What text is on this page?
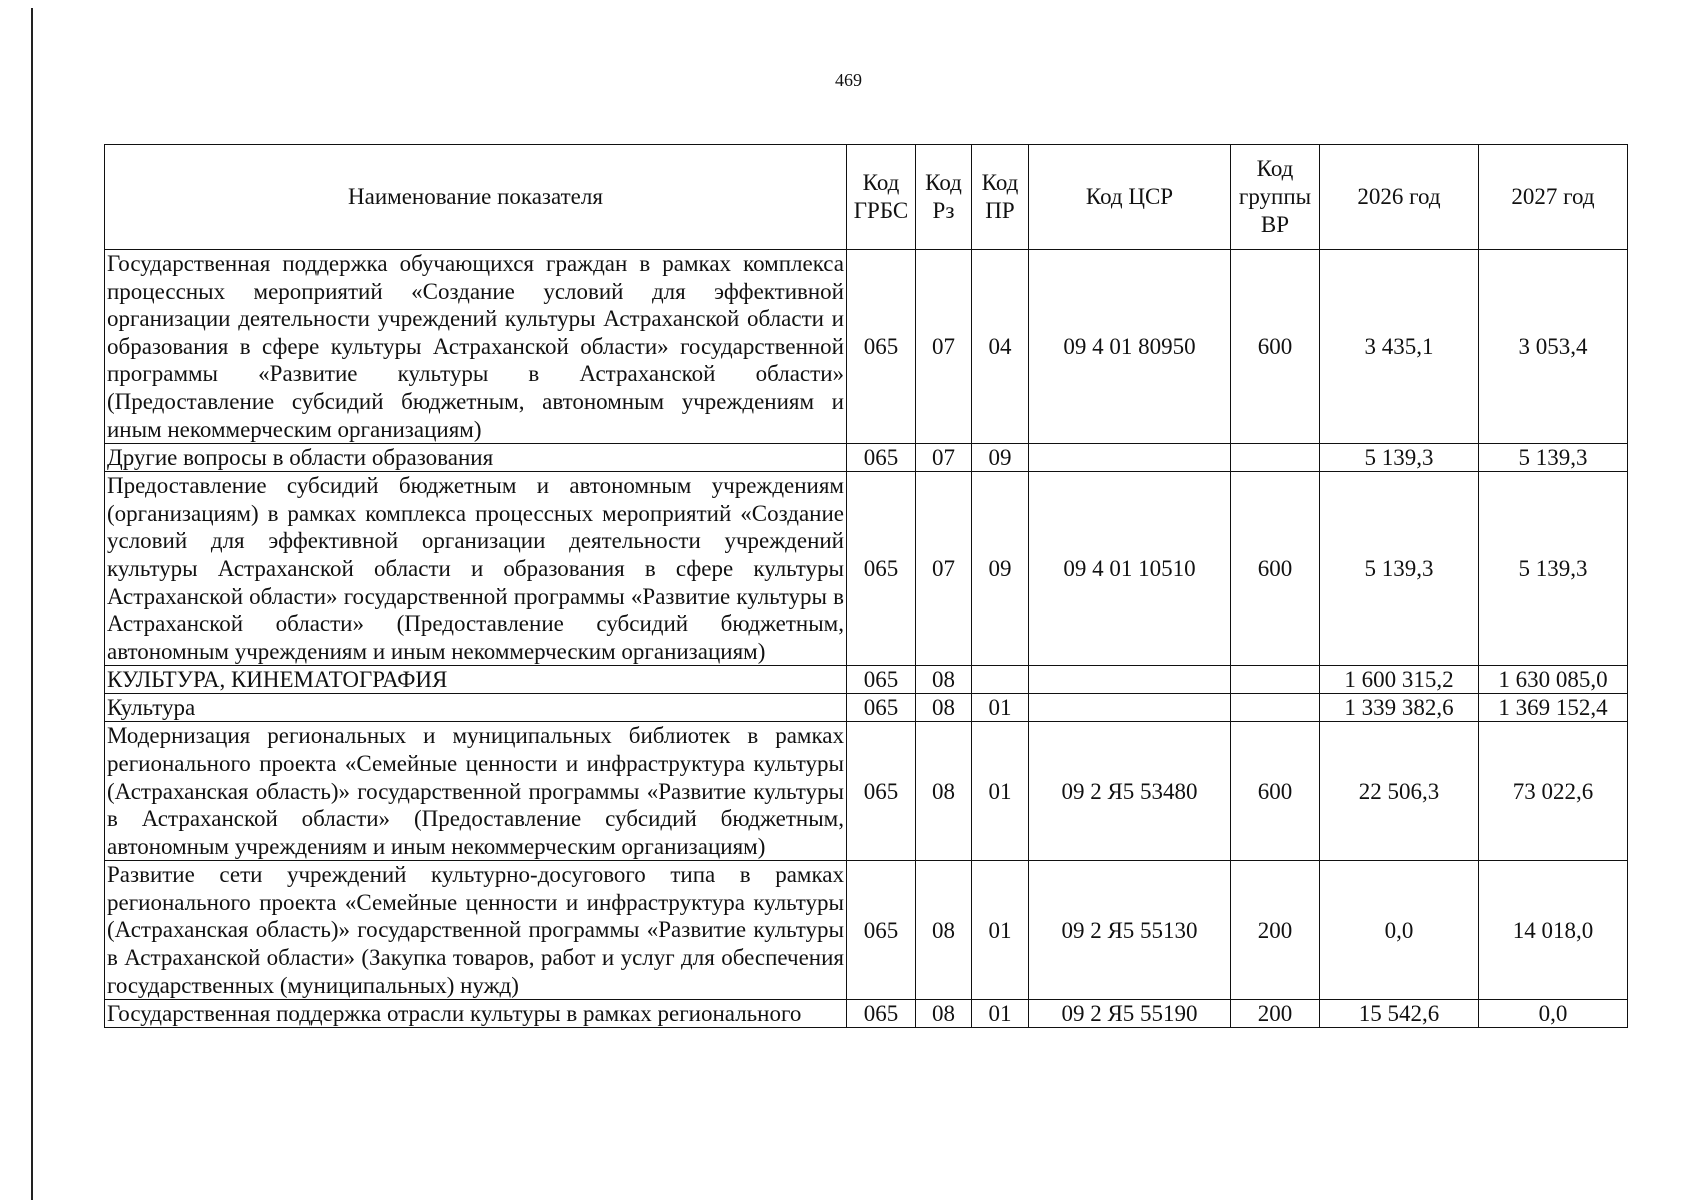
469
Наименование показателя	Код ГРБС	Код Рз	Код ПР	Код ЦСР	Код группы ВР	2026 год	2027 год
Государственная поддержка обучающихся граждан в рамках комплекса процессных мероприятий «Создание условий для эффективной организации деятельности учреждений культуры Астраханской области и образования в сфере культуры Астраханской области» государственной программы «Развитие культуры в Астраханской области» (Предоставление субсидий бюджетным, автономным учреждениям и иным некоммерческим организациям)	065	07	04	09 4 01 80950	600	3 435,1	3 053,4
Другие вопросы в области образования	065	07	09			5 139,3	5 139,3
Предоставление субсидий бюджетным и автономным учреждениям (организациям) в рамках комплекса процессных мероприятий «Создание условий для эффективной организации деятельности учреждений культуры Астраханской области и образования в сфере культуры Астраханской области» государственной программы «Развитие культуры в Астраханской области» (Предоставление субсидий бюджетным, автономным учреждениям и иным некоммерческим организациям)	065	07	09	09 4 01 10510	600	5 139,3	5 139,3
КУЛЬТУРА, КИНЕМАТОГРАФИЯ	065	08				1 600 315,2	1 630 085,0
Культура	065	08	01			1 339 382,6	1 369 152,4
Модернизация региональных и муниципальных библиотек в рамках регионального проекта «Семейные ценности и инфраструктура культуры (Астраханская область)» государственной программы «Развитие культуры в Астраханской области» (Предоставление субсидий бюджетным, автономным учреждениям и иным некоммерческим организациям)	065	08	01	09 2 Я5 53480	600	22 506,3	73 022,6
Развитие сети учреждений культурно-досугового типа в рамках регионального проекта «Семейные ценности и инфраструктура культуры (Астраханская область)» государственной программы «Развитие культуры в Астраханской области» (Закупка товаров, работ и услуг для обеспечения государственных (муниципальных) нужд)	065	08	01	09 2 Я5 55130	200	0,0	14 018,0
Государственная поддержка отрасли культуры в рамках регионального	065	08	01	09 2 Я5 55190	200	15 542,6	0,0
